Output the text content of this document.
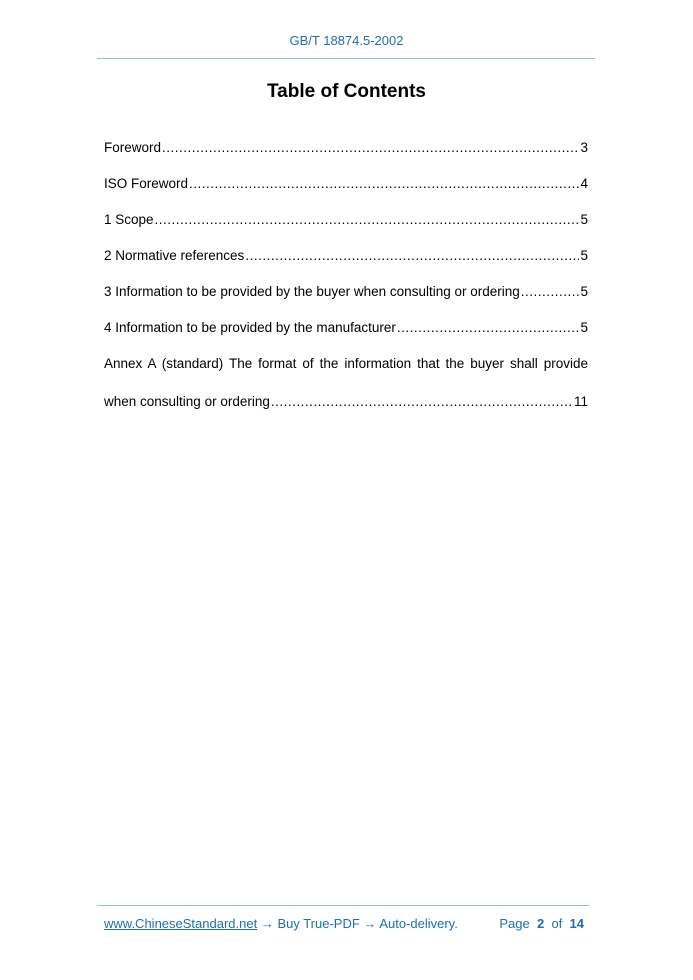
GB/T 18874.5-2002
Table of Contents
Foreword .....	3
ISO Foreword .....	4
1 Scope .....	5
2 Normative references .....	5
3 Information to be provided by the buyer when consulting or ordering .....	5
4 Information to be provided by the manufacturer .....	5
Annex A (standard) The format of the information that the buyer shall provide
when consulting or ordering .....	11
www.ChineseStandard.net → Buy True-PDF → Auto-delivery.	Page 2 of 14
